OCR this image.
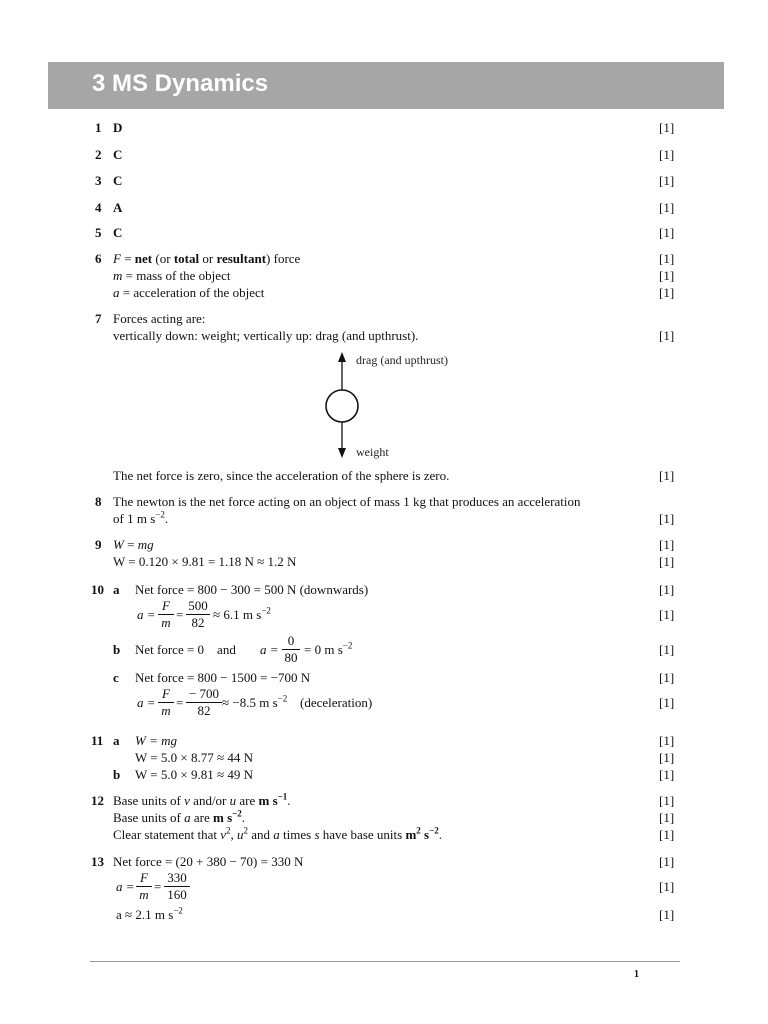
3 MS Dynamics
1 D	[1]
2 C	[1]
3 C	[1]
4 A	[1]
5 C	[1]
6 F = net (or total or resultant) force	[1]
m = mass of the object	[1]
a = acceleration of the object	[1]
7 Forces acting are:
vertically down: weight; vertically up: drag (and upthrust).	[1]
drag (and upthrust)
weight
The net force is zero, since the acceleration of the sphere is zero.	[1]
8 The newton is the net force acting on an object of mass 1 kg that produces an acceleration
of 1 m $s^{-2}$.	[1]
9 W = mg	[1]
W = 0.120 × 9.81 = 1.18 N ≈ 1.2 N	[1]
10 a Net force = 800 − 300 = 500 N (downwards)	[1]
a =
F
m
=
500
82
≈ 6.1 m $s^{-2}$	[1]
b Net force = 0    and a =
0
80
= 0 m $s^{-2}$	[1]
c Net force = 800 − 1500 = −700 N	[1]
a =
F
m
=
− 700
82
≈ −8.5 m $s^{-2}$ (deceleration)	[1]
11 a W = mg	[1]
W = 5.0 × 8.77 ≈ 44 N	[1]
b W = 5.0 × 9.81 ≈ 49 N	[1]
12 Base units of v and/or u are m $s^{-1}$.	[1]
Base units of a are m $s^{-2}$.	[1]
Clear statement that $v^2$, $u^2$ and a times s have base units $m^2$ $s^{-2}$.	[1]
13 Net force = (20 + 380 − 70) = 330 N	[1]
a =
F
m
=
330
160
[1]
a ≈ 2.1 m $s^{-2}$	[1]
1
